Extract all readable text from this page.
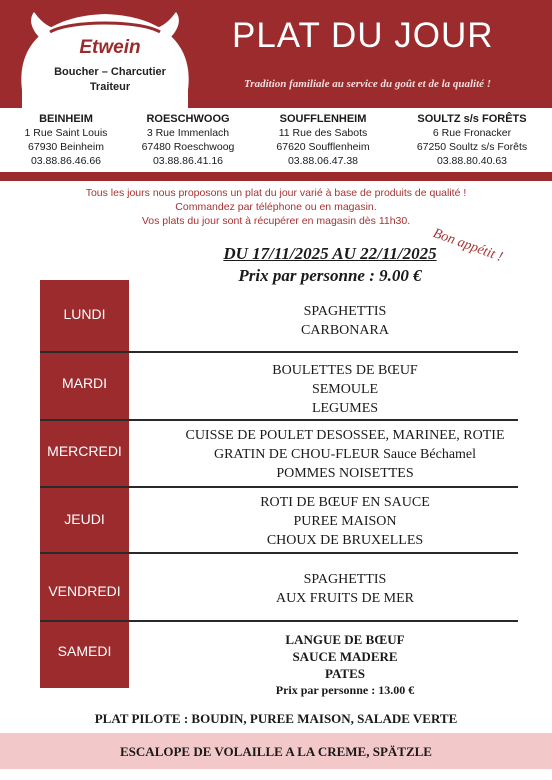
Etwein
Boucher – Charcutier
Traiteur
PLAT DU JOUR
Tradition familiale au service du goût et de la qualité !
BEINHEIM
1 Rue Saint Louis
67930 Beinheim
03.88.86.46.66
ROESCHWOOG
3 Rue Immenlach
67480 Roeschwoog
03.88.86.41.16
SOUFFLENHEIM
11 Rue des Sabots
67620 Soufflenheim
03.88.06.47.38
SOULTZ s/s FORÊTS
6 Rue Fronacker
67250 Soultz s/s Forêts
03.88.80.40.63
Tous les jours nous proposons un plat du jour varié à base de produits de qualité !
Commandez par téléphone ou en magasin.
Vos plats du jour sont à récupérer en magasin dès 11h30.
Bon appétit !
DU 17/11/2025 AU 22/11/2025
Prix par personne : 9.00 €
LUNDI
MARDI
MERCREDI
JEUDI
VENDREDI
SAMEDI
SPAGHETTIS
CARBONARA
BOULETTES DE BŒUF
SEMOULE
LEGUMES
CUISSE DE POULET DESOSSEE, MARINEE, ROTIE
GRATIN DE CHOU-FLEUR Sauce Béchamel
POMMES NOISETTES
ROTI DE BŒUF EN SAUCE
PUREE MAISON
CHOUX DE BRUXELLES
SPAGHETTIS
AUX FRUITS DE MER
LANGUE DE BŒUF
SAUCE MADERE
PATES
Prix par personne : 13.00 €
PLAT PILOTE : BOUDIN, PUREE MAISON, SALADE VERTE
ESCALOPE DE VOLAILLE A LA CREME, SPÄTZLE
